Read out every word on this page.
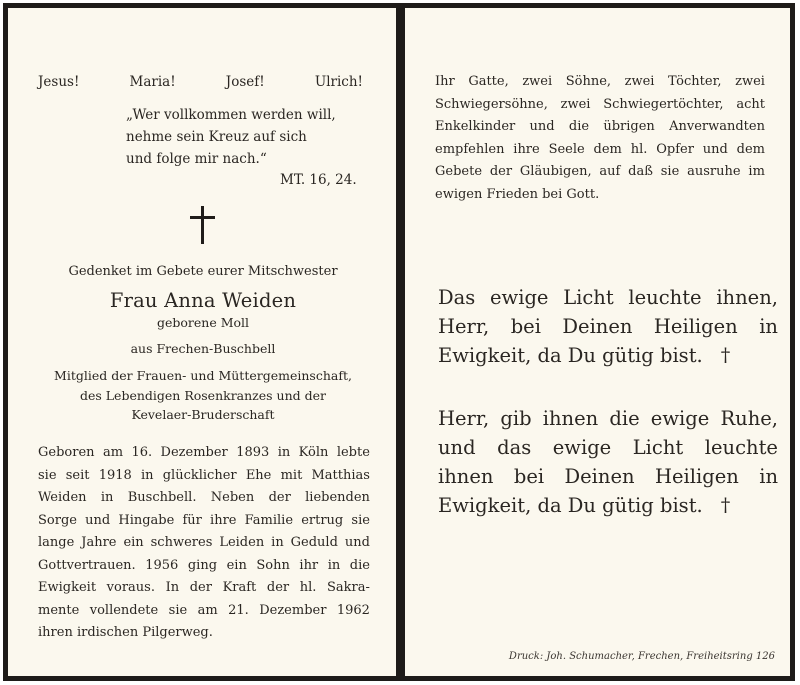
Jesus!	Maria!	Josef!	Ulrich!

„Wer vollkommen werden will,

nehme sein Kreuz auf sich

und folge mir nach.“

MT. 16, 24.
Gedenket im Gebete eurer Mitschwester
Frau Anna Weiden
geborene Moll
aus Frechen-Buschbell
Mitglied der Frauen- und Müttergemeinschaft,
des Lebendigen Rosenkranzes und der
Kevelaer-Bruderschaft
Geboren am 16. Dezember 1893 in Köln lebte
sie seit 1918 in glücklicher Ehe mit Matthias
Weiden in Buschbell. Neben der liebenden
Sorge und Hingabe für ihre Familie ertrug sie
lange Jahre ein schweres Leiden in Geduld und
Gottvertrauen. 1956 ging ein Sohn ihr in die
Ewigkeit voraus. In der Kraft der hl. Sakra-
mente vollendete sie am 21. Dezember 1962
ihren irdischen Pilgerweg.
Ihr Gatte, zwei Söhne, zwei Töchter, zwei
Schwiegersöhne, zwei Schwiegertöchter, acht
Enkelkinder und die übrigen Anverwandten
empfehlen ihre Seele dem hl. Opfer und dem
Gebete der Gläubigen, auf daß sie ausruhe im
ewigen Frieden bei Gott.
Das ewige Licht leuchte ihnen,
Herr, bei Deinen Heiligen in
Ewigkeit, da Du gütig bist. †
Herr, gib ihnen die ewige Ruhe,
und das ewige Licht leuchte
ihnen bei Deinen Heiligen in
Ewigkeit, da Du gütig bist. †
Druck: Joh. Schumacher, Frechen, Freiheitsring 126
